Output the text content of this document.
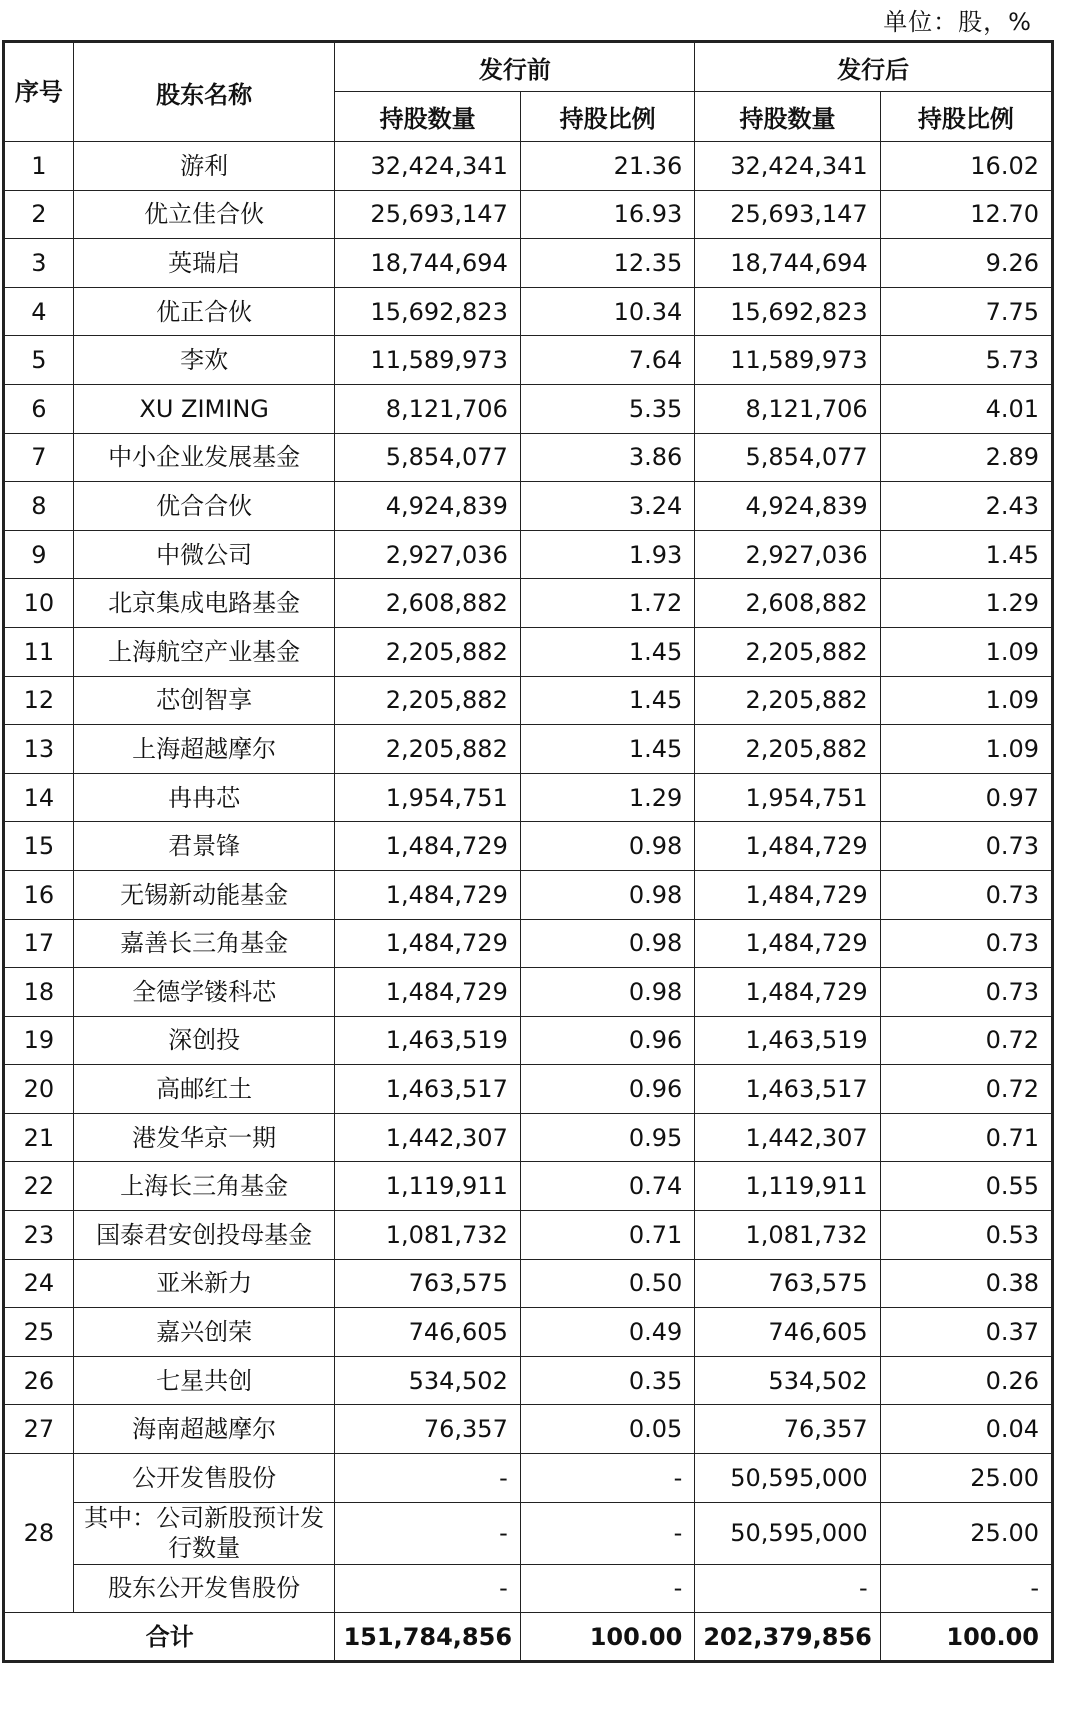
单位：股，%
序号	股东名称	发行前		发行后	
		持股数量	持股比例	持股数量	持股比例
1	游利	32,424,341	21.36	32,424,341	16.02
2	优立佳合伙	25,693,147	16.93	25,693,147	12.70
3	英瑞启	18,744,694	12.35	18,744,694	9.26
4	优正合伙	15,692,823	10.34	15,692,823	7.75
5	李欢	11,589,973	7.64	11,589,973	5.73
6	XU ZIMING	8,121,706	5.35	8,121,706	4.01
7	中小企业发展基金	5,854,077	3.86	5,854,077	2.89
8	优合合伙	4,924,839	3.24	4,924,839	2.43
9	中微公司	2,927,036	1.93	2,927,036	1.45
10	北京集成电路基金	2,608,882	1.72	2,608,882	1.29
11	上海航空产业基金	2,205,882	1.45	2,205,882	1.09
12	芯创智享	2,205,882	1.45	2,205,882	1.09
13	上海超越摩尔	2,205,882	1.45	2,205,882	1.09
14	冉冉芯	1,954,751	1.29	1,954,751	0.97
15	君景锋	1,484,729	0.98	1,484,729	0.73
16	无锡新动能基金	1,484,729	0.98	1,484,729	0.73
17	嘉善长三角基金	1,484,729	0.98	1,484,729	0.73
18	全德学镂科芯	1,484,729	0.98	1,484,729	0.73
19	深创投	1,463,519	0.96	1,463,519	0.72
20	高邮红土	1,463,517	0.96	1,463,517	0.72
21	港发华京一期	1,442,307	0.95	1,442,307	0.71
22	上海长三角基金	1,119,911	0.74	1,119,911	0.55
23	国泰君安创投母基金	1,081,732	0.71	1,081,732	0.53
24	亚米新力	763,575	0.50	763,575	0.38
25	嘉兴创荣	746,605	0.49	746,605	0.37
26	七星共创	534,502	0.35	534,502	0.26
27	海南超越摩尔	76,357	0.05	76,357	0.04
28	公开发售股份	-	-	50,595,000	25.00
	其中：公司新股预计发行数量	-	-	50,595,000	25.00
	股东公开发售股份	-	-	-	-
合计		151,784,856	100.00	202,379,856	100.00
